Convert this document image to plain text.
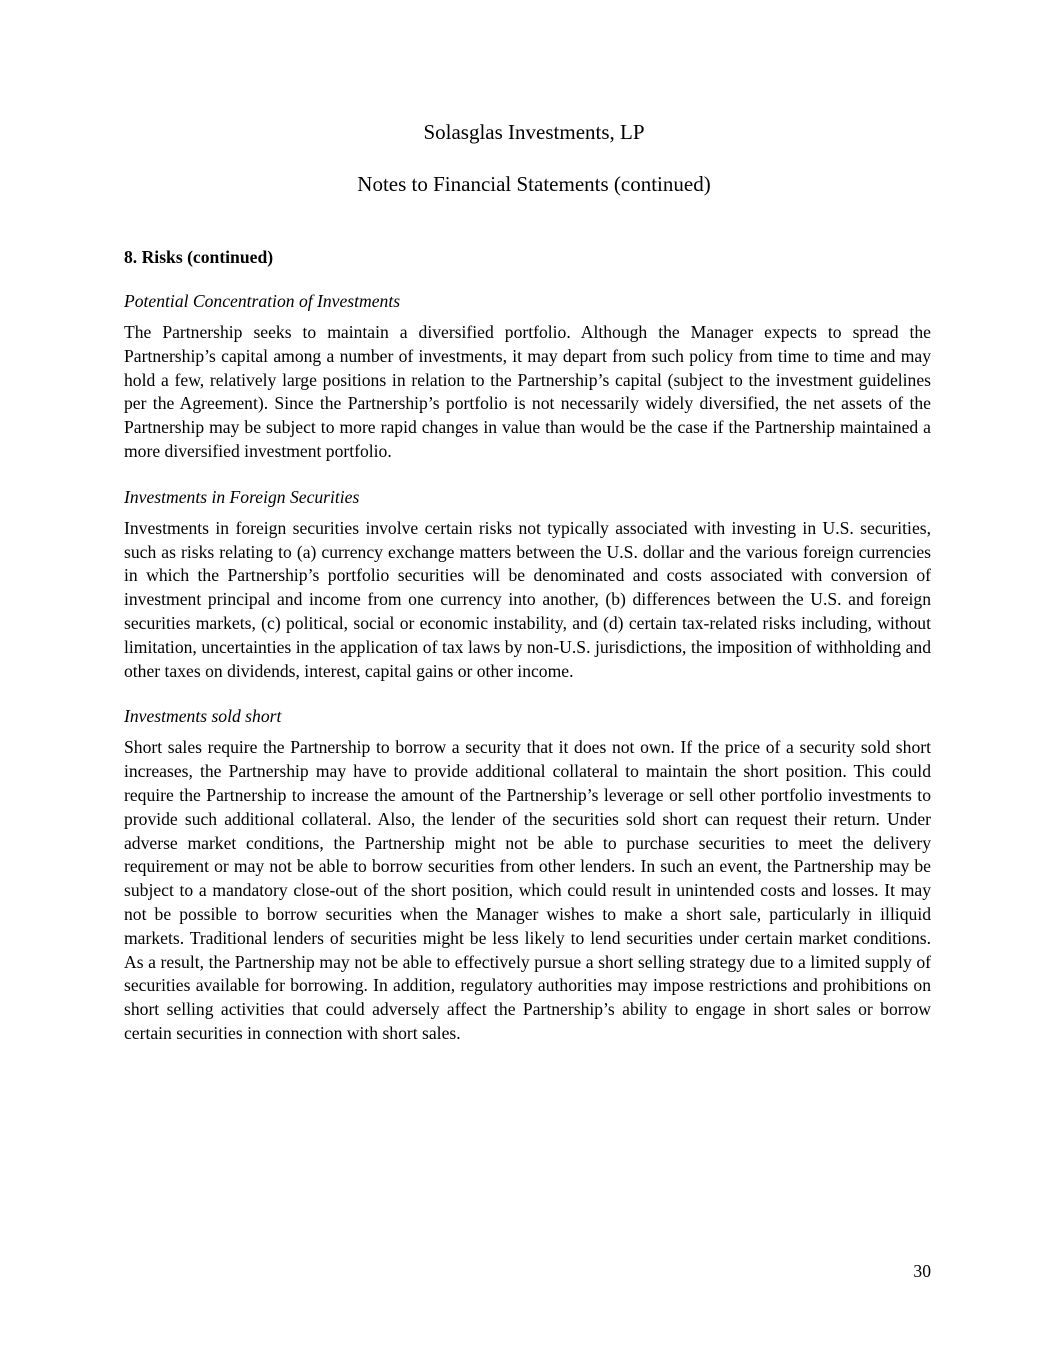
Solasglas Investments, LP

Notes to Financial Statements (continued)

8. Risks (continued)

Potential Concentration of Investments

The Partnership seeks to maintain a diversified portfolio. Although the Manager expects to spread the Partnership’s capital among a number of investments, it may depart from such policy from time to time and may hold a few, relatively large positions in relation to the Partnership’s capital (subject to the investment guidelines per the Agreement). Since the Partnership’s portfolio is not necessarily widely diversified, the net assets of the Partnership may be subject to more rapid changes in value than would be the case if the Partnership maintained a more diversified investment portfolio.

Investments in Foreign Securities

Investments in foreign securities involve certain risks not typically associated with investing in U.S. securities, such as risks relating to (a) currency exchange matters between the U.S. dollar and the various foreign currencies in which the Partnership’s portfolio securities will be denominated and costs associated with conversion of investment principal and income from one currency into another, (b) differences between the U.S. and foreign securities markets, (c) political, social or economic instability, and (d) certain tax-related risks including, without limitation, uncertainties in the application of tax laws by non-U.S. jurisdictions, the imposition of withholding and other taxes on dividends, interest, capital gains or other income.

Investments sold short

Short sales require the Partnership to borrow a security that it does not own. If the price of a security sold short increases, the Partnership may have to provide additional collateral to maintain the short position. This could require the Partnership to increase the amount of the Partnership’s leverage or sell other portfolio investments to provide such additional collateral. Also, the lender of the securities sold short can request their return. Under adverse market conditions, the Partnership might not be able to purchase securities to meet the delivery requirement or may not be able to borrow securities from other lenders. In such an event, the Partnership may be subject to a mandatory close-out of the short position, which could result in unintended costs and losses. It may not be possible to borrow securities when the Manager wishes to make a short sale, particularly in illiquid markets. Traditional lenders of securities might be less likely to lend securities under certain market conditions. As a result, the Partnership may not be able to effectively pursue a short selling strategy due to a limited supply of securities available for borrowing. In addition, regulatory authorities may impose restrictions and prohibitions on short selling activities that could adversely affect the Partnership’s ability to engage in short sales or borrow certain securities in connection with short sales.

30
